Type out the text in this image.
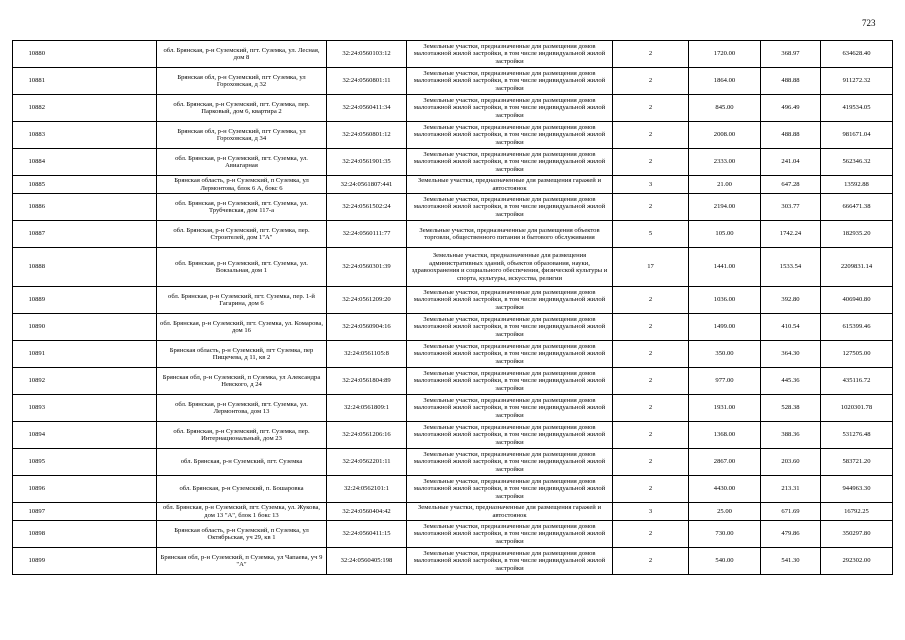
723
10880		обл. Брянская, р-н Суземский, пгт. Суземка, ул. Лесная, дом 8	32:24:0560103:12	Земельные участки, предназначенные для размещения домов малоэтажной жилой застройки, в том числе индивидуальной жилой застройки	2	1720.00	368.97	634628.40
10881		Брянская обл, р-н Суземский, пгт Суземка, ул Гороховская, д 32	32:24:0560801:11	Земельные участки, предназначенные для размещения домов малоэтажной жилой застройки, в том числе индивидуальной жилой застройки	2	1864.00	488.88	911272.32
10882		обл. Брянская, р-н Суземский, пгт. Суземка, пер. Парковый, дом 6, квартира 2	32:24:0560411:34	Земельные участки, предназначенные для размещения домов малоэтажной жилой застройки, в том числе индивидуальной жилой застройки	2	845.00	496.49	419534.05
10883		Брянская обл, р-н Суземский, пгт Суземка, ул Гороховская, д 34	32:24:0560801:12	Земельные участки, предназначенные для размещения домов малоэтажной жилой застройки, в том числе индивидуальной жилой застройки	2	2008.00	488.88	981671.04
10884		обл. Брянская, р-н Суземский, пгт. Суземка, ул. Авиагарная	32:24:0561901:35	Земельные участки, предназначенные для размещения домов малоэтажной жилой застройки, в том числе индивидуальной жилой застройки	2	2333.00	241.04	562346.32
10885		Брянская область, р-н Суземский, п Суземка, ул Лермонтова, блок 6 А, бокс 6	32:24:0561807:441	Земельные участки, предназначенные для размещения гаражей и автостоянок	3	21.00	647.28	13592.88
10886		обл. Брянская, р-н Суземский, пгт. Суземка, ул. Трубчевская, дом 117-а	32:24:0561502:24	Земельные участки, предназначенные для размещения домов малоэтажной жилой застройки, в том числе индивидуальной жилой застройки	2	2194.00	303.77	666471.38
10887		обл. Брянская, р-н Суземский, пгт. Суземка, пер. Строителей, дом 1"А"	32:24:0560111:77	Земельные участки, предназначенные для размещения объектов торговли, общественного питания и бытового обслуживания	5	105.00	1742.24	182935.20
10888		обл. Брянская, р-н Суземский, пгт. Суземка, ул. Вокзальная, дом 1	32:24:0560301:39	Земельные участки, предназначенные для размещения административных зданий, объектов образования, науки, здравоохранения и социального обеспечения, физической культуры и спорта, культуры, искусства, религии	17	1441.00	1533.54	2209831.14
10889		обл. Брянская, р-н Суземский, пгт. Суземка, пер. 1-й Гагарина, дом 6	32:24:0561209:20	Земельные участки, предназначенные для размещения домов малоэтажной жилой застройки, в том числе индивидуальной жилой застройки	2	1036.00	392.80	406940.80
10890		обл. Брянская, р-н Суземский, пгт. Суземка, ул. Комарова, дом 16	32:24:0560904:16	Земельные участки, предназначенные для размещения домов малоэтажной жилой застройки, в том числе индивидуальной жилой застройки	2	1499.00	410.54	615399.46
10891		Брянская область, р-н Суземский, пгт Суземка, пер Пищечева, д 11, кв 2	32:24:0561105:8	Земельные участки, предназначенные для размещения домов малоэтажной жилой застройки, в том числе индивидуальной жилой застройки	2	350.00	364.30	127505.00
10892		Брянская обл, р-н Суземский, п Суземка, ул Александра Невского, д 24	32:24:0561804:89	Земельные участки, предназначенные для размещения домов малоэтажной жилой застройки, в том числе индивидуальной жилой застройки	2	977.00	445.36	435116.72
10893		обл. Брянская, р-н Суземский, пгт. Суземка, ул. Лермонтова, дом 13	32:24:0561809:1	Земельные участки, предназначенные для размещения домов малоэтажной жилой застройки, в том числе индивидуальной жилой застройки	2	1931.00	528.38	1020301.78
10894		обл. Брянская, р-н Суземский, пгт. Суземка, пер. Интернациональный, дом 23	32:24:0561206:16	Земельные участки, предназначенные для размещения домов малоэтажной жилой застройки, в том числе индивидуальной жилой застройки	2	1368.00	388.36	531276.48
10895		обл. Брянская, р-н Суземский, пгт. Суземка	32:24:0562201:11	Земельные участки, предназначенные для размещения домов малоэтажной жилой застройки, в том числе индивидуальной жилой застройки	2	2867.00	203.60	583721.20
10896		обл. Брянская, р-н Суземский, п. Бошаровка	32:24:0562101:1	Земельные участки, предназначенные для размещения домов малоэтажной жилой застройки, в том числе индивидуальной жилой застройки	2	4430.00	213.31	944963.30
10897		обл. Брянская, р-н Суземский, пгт. Суземка, ул. Жукова, дом 13 "А", блок 1 бокс 13	32:24:0560404:42	Земельные участки, предназначенные для размещения гаражей и автостоянок	3	25.00	671.69	16792.25
10898		Брянская область, р-н Суземский, п Суземка, ул Октябрьская, уч 29, кв 1	32:24:0560411:15	Земельные участки, предназначенные для размещения домов малоэтажной жилой застройки, в том числе индивидуальной жилой застройки	2	730.00	479.86	350297.80
10899		Брянская обл, р-н Суземский, п Суземка, ул Чапаева, уч 9 "А"	32:24:0560405:198	Земельные участки, предназначенные для размещения домов малоэтажной жилой застройки, в том числе индивидуальной жилой застройки	2	540.00	541.30	292302.00
